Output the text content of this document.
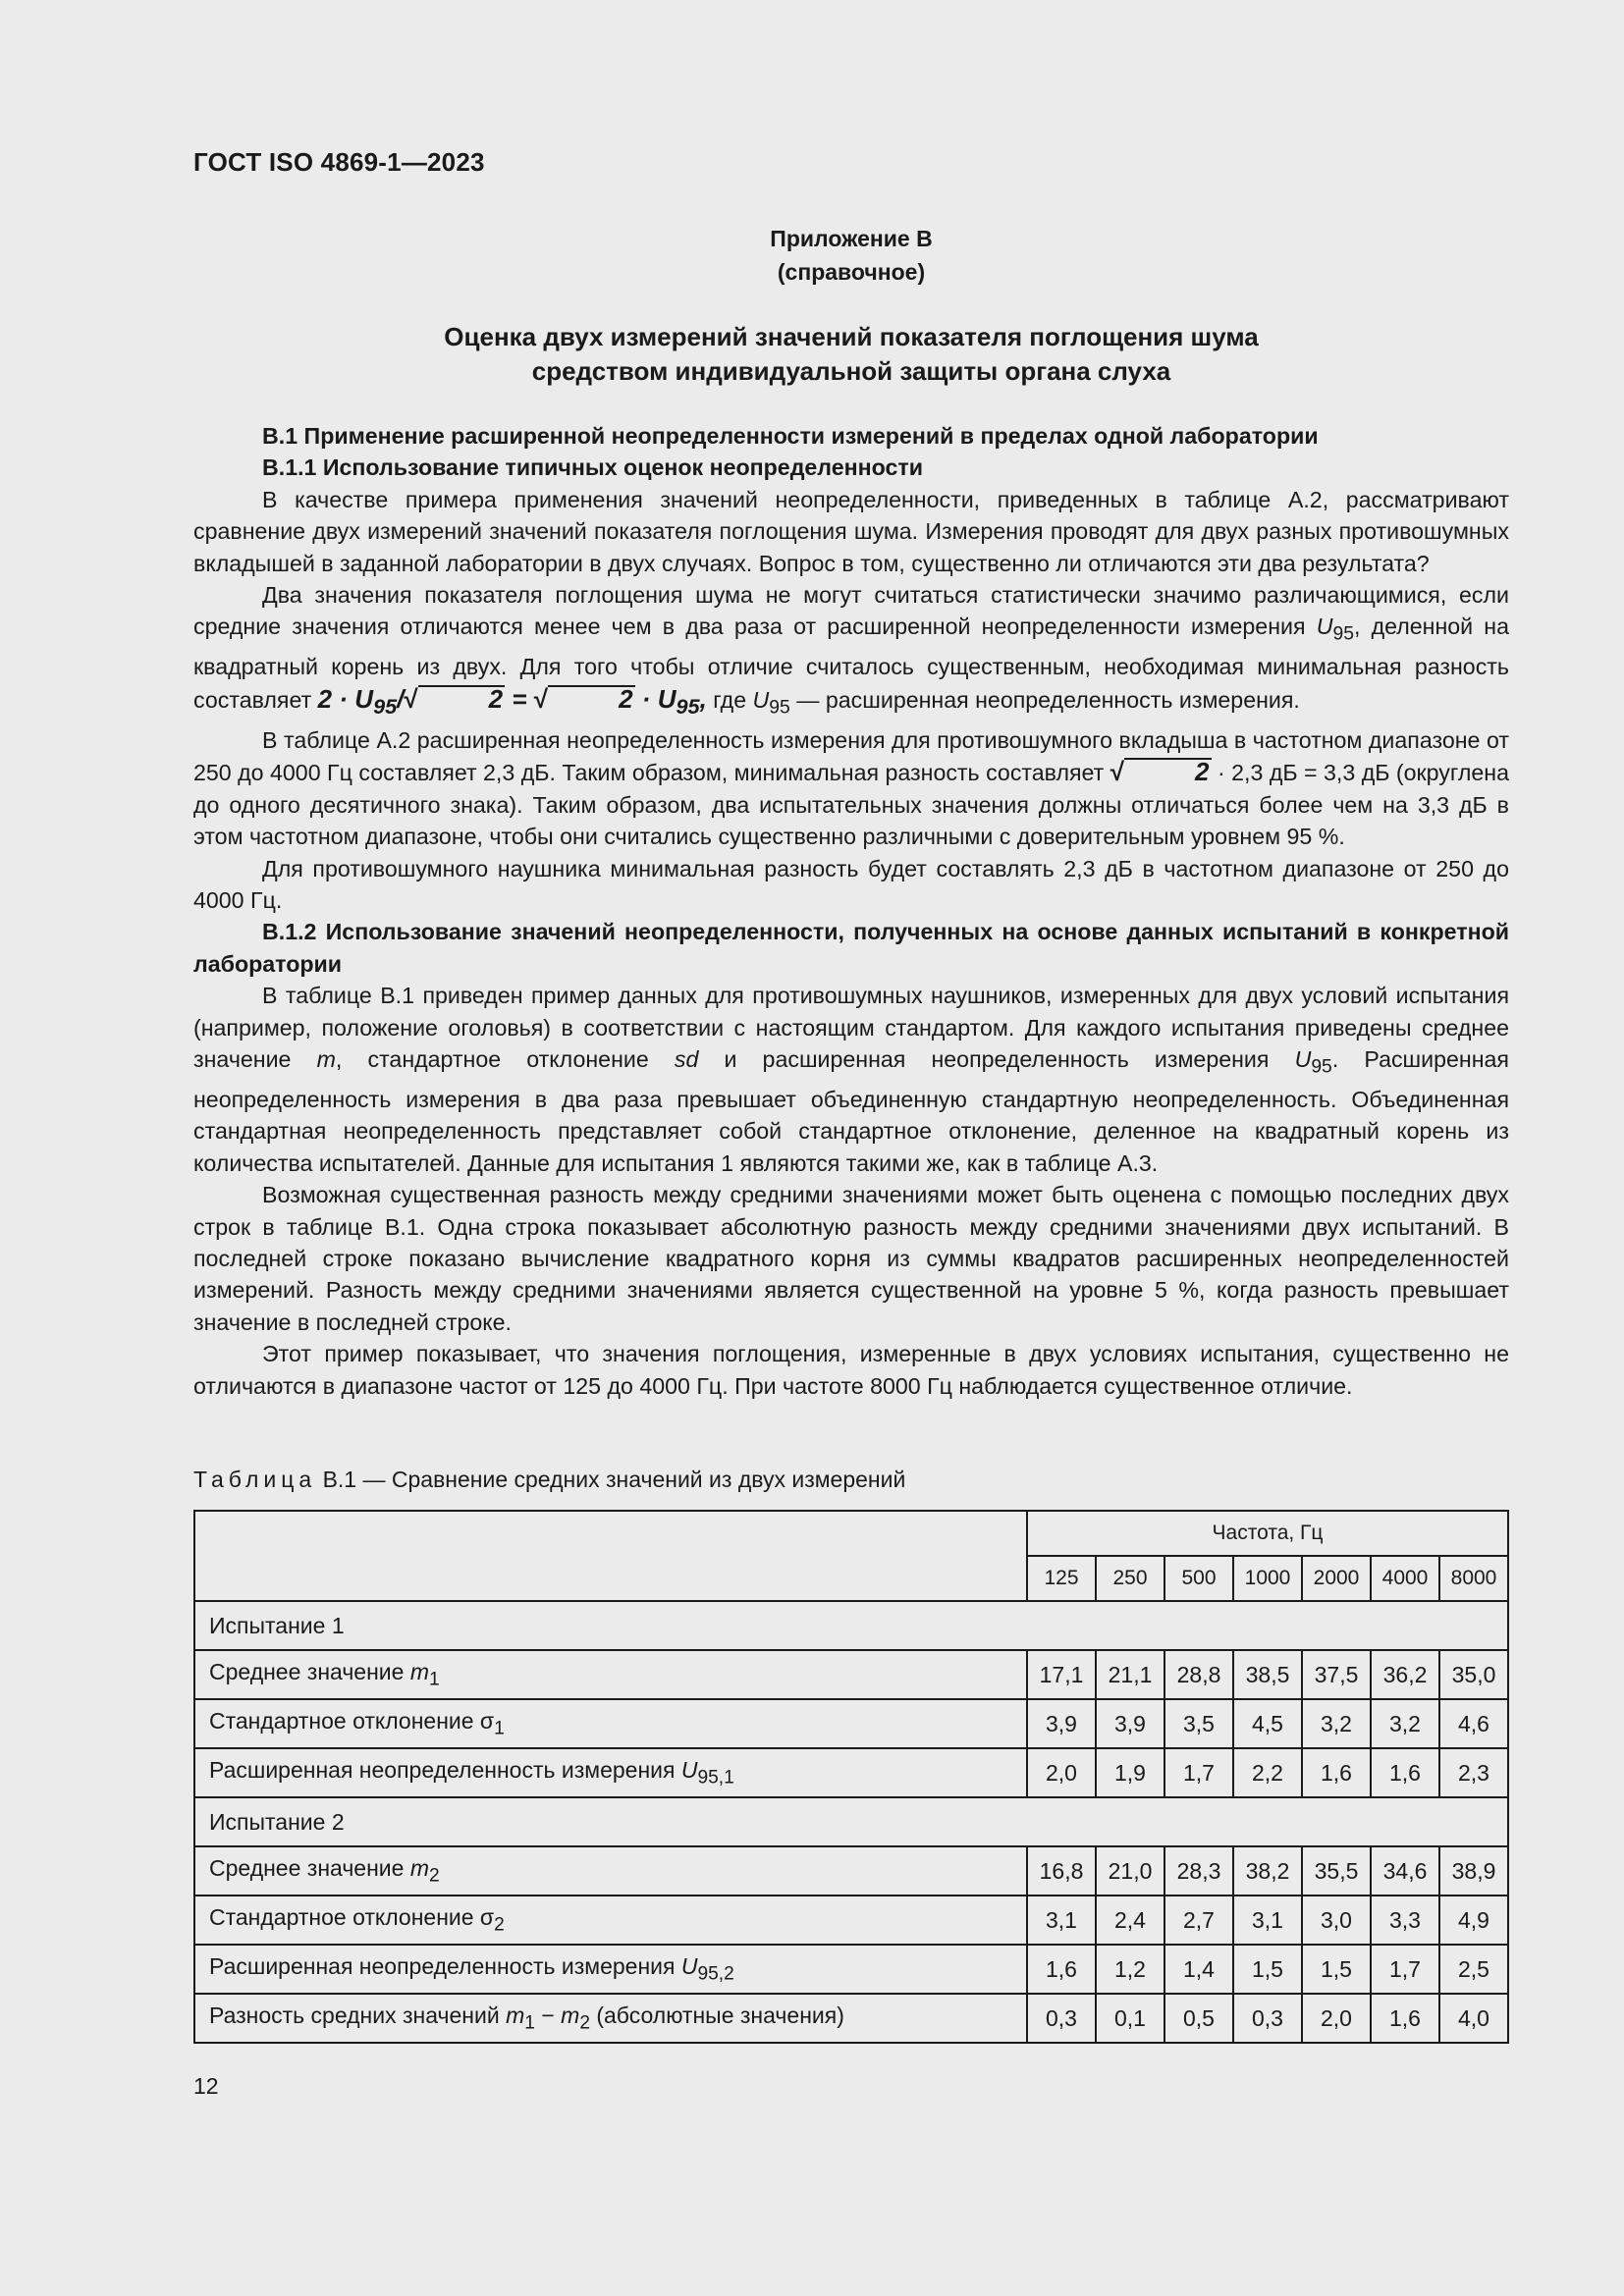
ГОСТ ISO 4869-1—2023
Приложение В
(справочное)
Оценка двух измерений значений показателя поглощения шума
средством индивидуальной защиты органа слуха

В.1 Применение расширенной неопределенности измерений в пределах одной лаборатории

В.1.1 Использование типичных оценок неопределенности

В качестве примера применения значений неопределенности, приведенных в таблице А.2, рассматривают сравнение двух измерений значений показателя поглощения шума. Измерения проводят для двух разных противошумных вкладышей в заданной лаборатории в двух случаях. Вопрос в том, существенно ли отличаются эти два результата?

Два значения показателя поглощения шума не могут считаться статистически значимо различающимися, если средние значения отличаются менее чем в два раза от расширенной неопределенности измерения $U_{95}$, деленной на квадратный корень из двух. Для того чтобы отличие считалось существенным, необходимая минимальная разность составляет $2 \cdot U_{95}/√$	2 = √	$2 \cdot U_{95}$, где $U_{95}$ — расширенная неопределенность измерения.

В таблице А.2 расширенная неопределенность измерения для противошумного вкладыша в частотном диапазоне от 250 до 4000 Гц составляет 2,3 дБ. Таким образом, минимальная разность составляет √	2 · 2,3 дБ = 3,3 дБ (округлена до одного десятичного знака). Таким образом, два испытательных значения должны отличаться более чем на 3,3 дБ в этом частотном диапазоне, чтобы они считались существенно различными с доверительным уровнем 95 %.

Для противошумного наушника минимальная разность будет составлять 2,3 дБ в частотном диапазоне от 250 до 4000 Гц.

В.1.2 Использование значений неопределенности, полученных на основе данных испытаний в конкретной лаборатории

В таблице В.1 приведен пример данных для противошумных наушников, измеренных для двух условий испытания (например, положение оголовья) в соответствии с настоящим стандартом. Для каждого испытания приведены среднее значение m, стандартное отклонение sd и расширенная неопределенность измерения $U_{95}$. Расширенная неопределенность измерения в два раза превышает объединенную стандартную неопределенность. Объединенная стандартная неопределенность представляет собой стандартное отклонение, деленное на квадратный корень из количества испытателей. Данные для испытания 1 являются такими же, как в таблице А.3.

Возможная существенная разность между средними значениями может быть оценена с помощью последних двух строк в таблице В.1. Одна строка показывает абсолютную разность между средними значениями двух испытаний. В последней строке показано вычисление квадратного корня из суммы квадратов расширенных неопределенностей измерений. Разность между средними значениями является существенной на уровне 5 %, когда разность превышает значение в последней строке.

Этот пример показывает, что значения поглощения, измеренные в двух условиях испытания, существенно не отличаются в диапазоне частот от 125 до 4000 Гц. При частоте 8000 Гц наблюдается существенное отличие.

Таблица В.1 — Сравнение средних значений из двух измерений
	Частота, Гц						
	125	250	500	1000	2000	4000	8000
Испытание 1							
Среднее значение $m_1$	17,1	21,1	28,8	38,5	37,5	36,2	35,0
Стандартное отклонение $\sigma_1$	3,9	3,9	3,5	4,5	3,2	3,2	4,6
Расширенная неопределенность измерения $U_{95,1}$	2,0	1,9	1,7	2,2	1,6	1,6	2,3
Испытание 2							
Среднее значение $m_2$	16,8	21,0	28,3	38,2	35,5	34,6	38,9
Стандартное отклонение $\sigma_2$	3,1	2,4	2,7	3,1	3,0	3,3	4,9
Расширенная неопределенность измерения $U_{95,2}$	1,6	1,2	1,4	1,5	1,5	1,7	2,5
Разность средних значений $m_1 - m_2$ (абсолютные значения)	0,3	0,1	0,5	0,3	2,0	1,6	4,0
12
